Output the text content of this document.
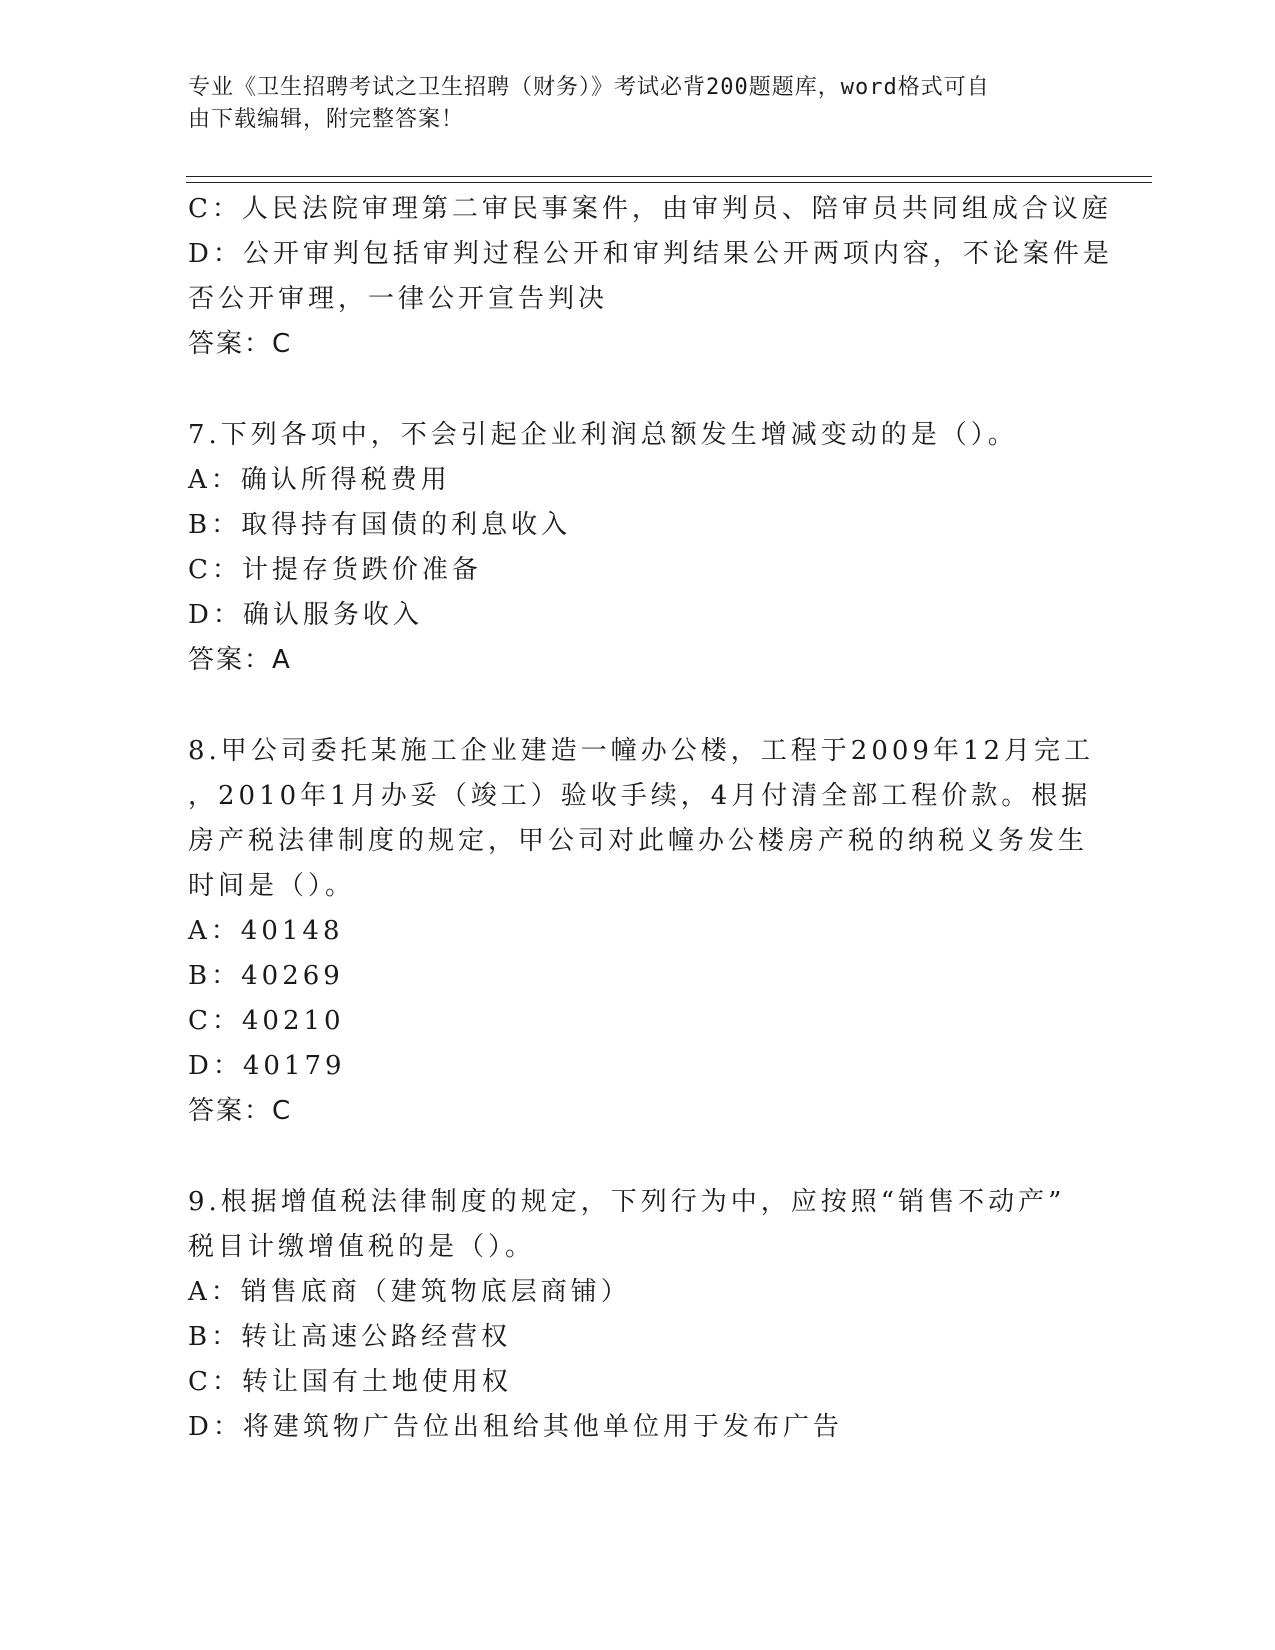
专业《卫生招聘考试之卫生招聘（财务）》考试必背200题题库，word格式可自
由下载编辑，附完整答案！
C：人民法院审理第二审民事案件，由审判员、陪审员共同组成合议庭
D：公开审判包括审判过程公开和审判结果公开两项内容，不论案件是
否公开审理，一律公开宣告判决
答案：C
7.下列各项中，不会引起企业利润总额发生增减变动的是（）。
A：确认所得税费用
B：取得持有国债的利息收入
C：计提存货跌价准备
D：确认服务收入
答案：A
8.甲公司委托某施工企业建造一幢办公楼，工程于2009年12月完工
，2010年1月办妥（竣工）验收手续，4月付清全部工程价款。根据
房产税法律制度的规定，甲公司对此幢办公楼房产税的纳税义务发生
时间是（）。
A：40148
B：40269
C：40210
D：40179
答案：C
9.根据增值税法律制度的规定，下列行为中，应按照“销售不动产”
税目计缴增值税的是（）。
A：销售底商（建筑物底层商铺）
B：转让高速公路经营权
C：转让国有土地使用权
D：将建筑物广告位出租给其他单位用于发布广告
